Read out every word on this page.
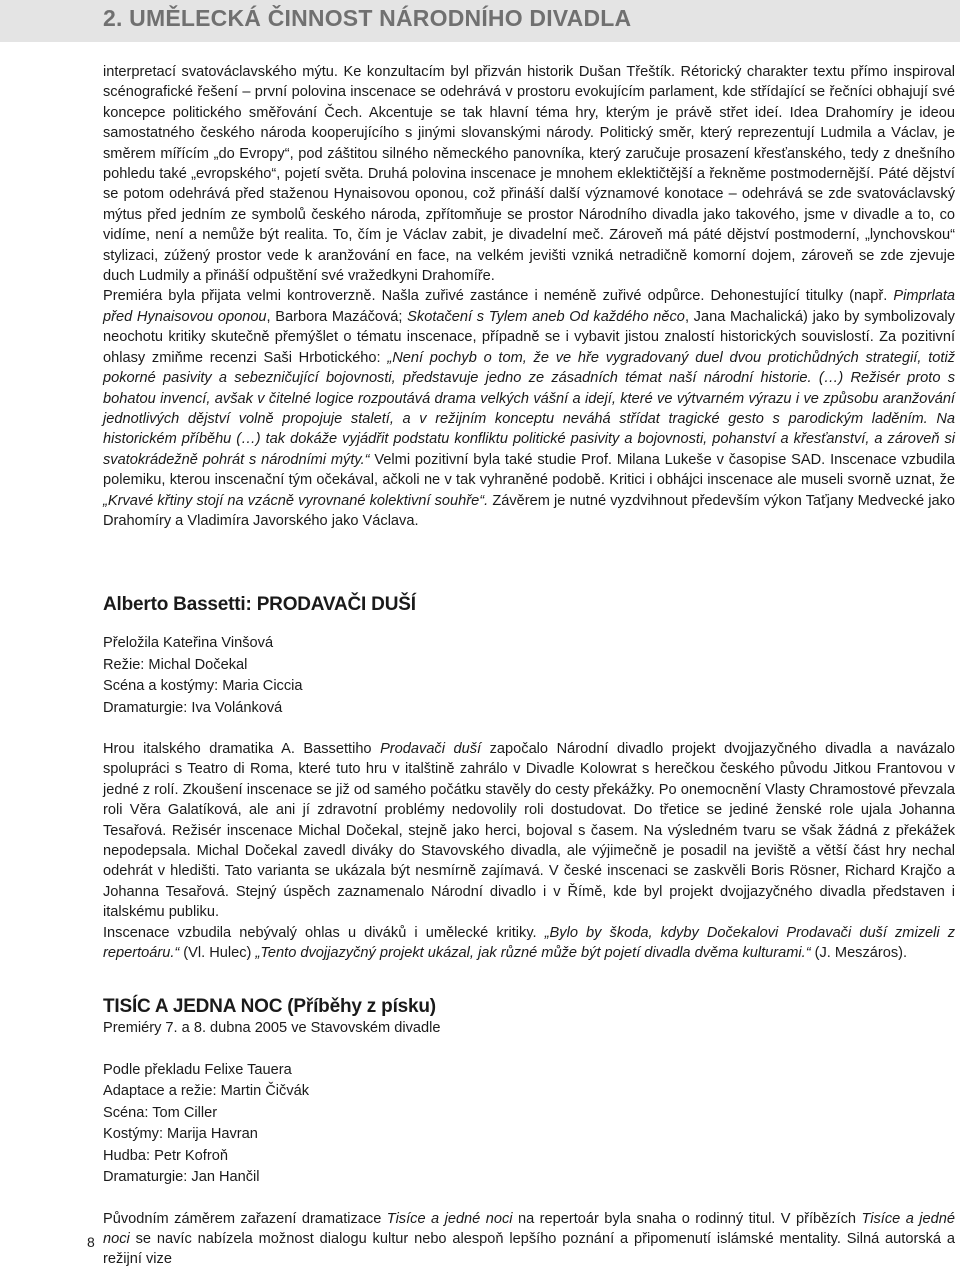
2. UMĚLECKÁ ČINNOST NÁRODNÍHO DIVADLA

interpretací svatováclavského mýtu. Ke konzultacím byl přizván historik Dušan Třeštík. Rétorický charakter textu přímo inspiroval scénografické řešení – první polovina inscenace se odehrává v prostoru evokujícím parlament, kde střídající se řečníci obhajují své koncepce politického směřování Čech. Akcentuje se tak hlavní téma hry, kterým je právě střet ideí. Idea Drahomíry je ideou samostatného českého národa kooperujícího s jinými slovanskými národy. Politický směr, který reprezentují Ludmila a Václav, je směrem mířícím „do Evropy“, pod záštitou silného německého panovníka, který zaručuje prosazení křesťanského, tedy z dnešního pohledu také „evropského“, pojetí světa. Druhá polovina inscenace je mnohem eklektičtější a řekněme postmodernější. Páté dějství se potom odehrává před staženou Hynaisovou oponou, což přináší další významové konotace – odehrává se zde svatováclavský mýtus před jedním ze symbolů českého národa, zpřítomňuje se prostor Národního divadla jako takového, jsme v divadle a to, co vidíme, není a nemůže být realita. To, čím je Václav zabit, je divadelní meč. Zároveň má páté dějství postmoderní, „lynchovskou“ stylizaci, zúžený prostor vede k aranžování en face, na velkém jevišti vzniká netradičně komorní dojem, zároveň se zde zjevuje duch Ludmily a přináší odpuštění své vražedkyni Drahomíře.

Premiéra byla přijata velmi kontroverzně. Našla zuřivé zastánce i neméně zuřivé odpůrce. Dehonestující titulky (např. Pimprlata před Hynaisovou oponou, Barbora Mazáčová; Skotačení s Tylem aneb Od každého něco, Jana Machalická) jako by symbolizovaly neochotu kritiky skutečně přemýšlet o tématu inscenace, případně se i vybavit jistou znalostí historických souvislostí. Za pozitivní ohlasy zmiňme recenzi Saši Hrbotického: „Není pochyb o tom, že ve hře vygradovaný duel dvou protichůdných strategií, totiž pokorné pasivity a sebezničující bojovnosti, představuje jedno ze zásadních témat naší národní historie. (…) Režisér proto s bohatou invencí, avšak v čitelné logice rozpoutává drama velkých vášní a idejí, které ve výtvarném výrazu i ve způsobu aranžování jednotlivých dějství volně propojuje staletí, a v režijním konceptu neváhá střídat tragické gesto s parodickým laděním. Na historickém příběhu (…) tak dokáže vyjádřit podstatu konfliktu politické pasivity a bojovnosti, pohanství a křesťanství, a zároveň si svatokrádežně pohrát s národními mýty.“ Velmi pozitivní byla také studie Prof. Milana Lukeše v časopise SAD. Inscenace vzbudila polemiku, kterou inscenační tým očekával, ačkoli ne v tak vyhraněné podobě. Kritici i obhájci inscenace ale museli svorně uznat, že „Krvavé křtiny stojí na vzácně vyrovnané kolektivní souhře“. Závěrem je nutné vyzdvihnout především výkon Taťjany Medvecké jako Drahomíry a Vladimíra Javorského jako Václava.

Alberto Bassetti: PRODAVAČI DUŠÍ

Přeložila Kateřina Vinšová

Režie: Michal Dočekal

Scéna a kostýmy: Maria Ciccia

Dramaturgie: Iva Volánková

Hrou italského dramatika A. Bassettiho Prodavači duší započalo Národní divadlo projekt dvojjazyčného divadla a navázalo spolupráci s Teatro di Roma, které tuto hru v italštině zahrálo v Divadle Kolowrat s herečkou českého původu Jitkou Frantovou v jedné z rolí. Zkoušení inscenace se již od samého počátku stavěly do cesty překážky. Po onemocnění Vlasty Chramostové převzala roli Věra Galatíková, ale ani jí zdravotní problémy nedovolily roli dostudovat. Do třetice se jediné ženské role ujala Johanna Tesařová. Režisér inscenace Michal Dočekal, stejně jako herci, bojoval s časem. Na výsledném tvaru se však žádná z překážek nepodepsala. Michal Dočekal zavedl diváky do Stavovského divadla, ale výjimečně je posadil na jeviště a větší část hry nechal odehrát v hledišti. Tato varianta se ukázala být nesmírně zajímavá. V české inscenaci se zaskvěli Boris Rösner, Richard Krajčo a Johanna Tesařová. Stejný úspěch zaznamenalo Národní divadlo i v Římě, kde byl projekt dvojjazyčného divadla představen i italskému publiku.

Inscenace vzbudila nebývalý ohlas u diváků i umělecké kritiky. „Bylo by škoda, kdyby Dočekalovi Prodavači duší zmizeli z repertoáru.“ (Vl. Hulec) „Tento dvojjazyčný projekt ukázal, jak různé může být pojetí divadla dvěma kulturami.“ (J. Meszáros).

TISÍC A JEDNA NOC (Příběhy z písku)

Premiéry 7. a 8. dubna 2005 ve Stavovském divadle

Podle překladu Felixe Tauera

Adaptace a režie: Martin Čičvák

Scéna: Tom Ciller

Kostýmy: Marija Havran

Hudba: Petr Kofroň

Dramaturgie: Jan Hančil

Původním záměrem zařazení dramatizace Tisíce a jedné noci na repertoár byla snaha o rodinný titul. V příbězích Tisíce a jedné noci se navíc nabízela možnost dialogu kultur nebo alespoň lepšího poznání a připomenutí islámské mentality. Silná autorská a režijní vize

8
